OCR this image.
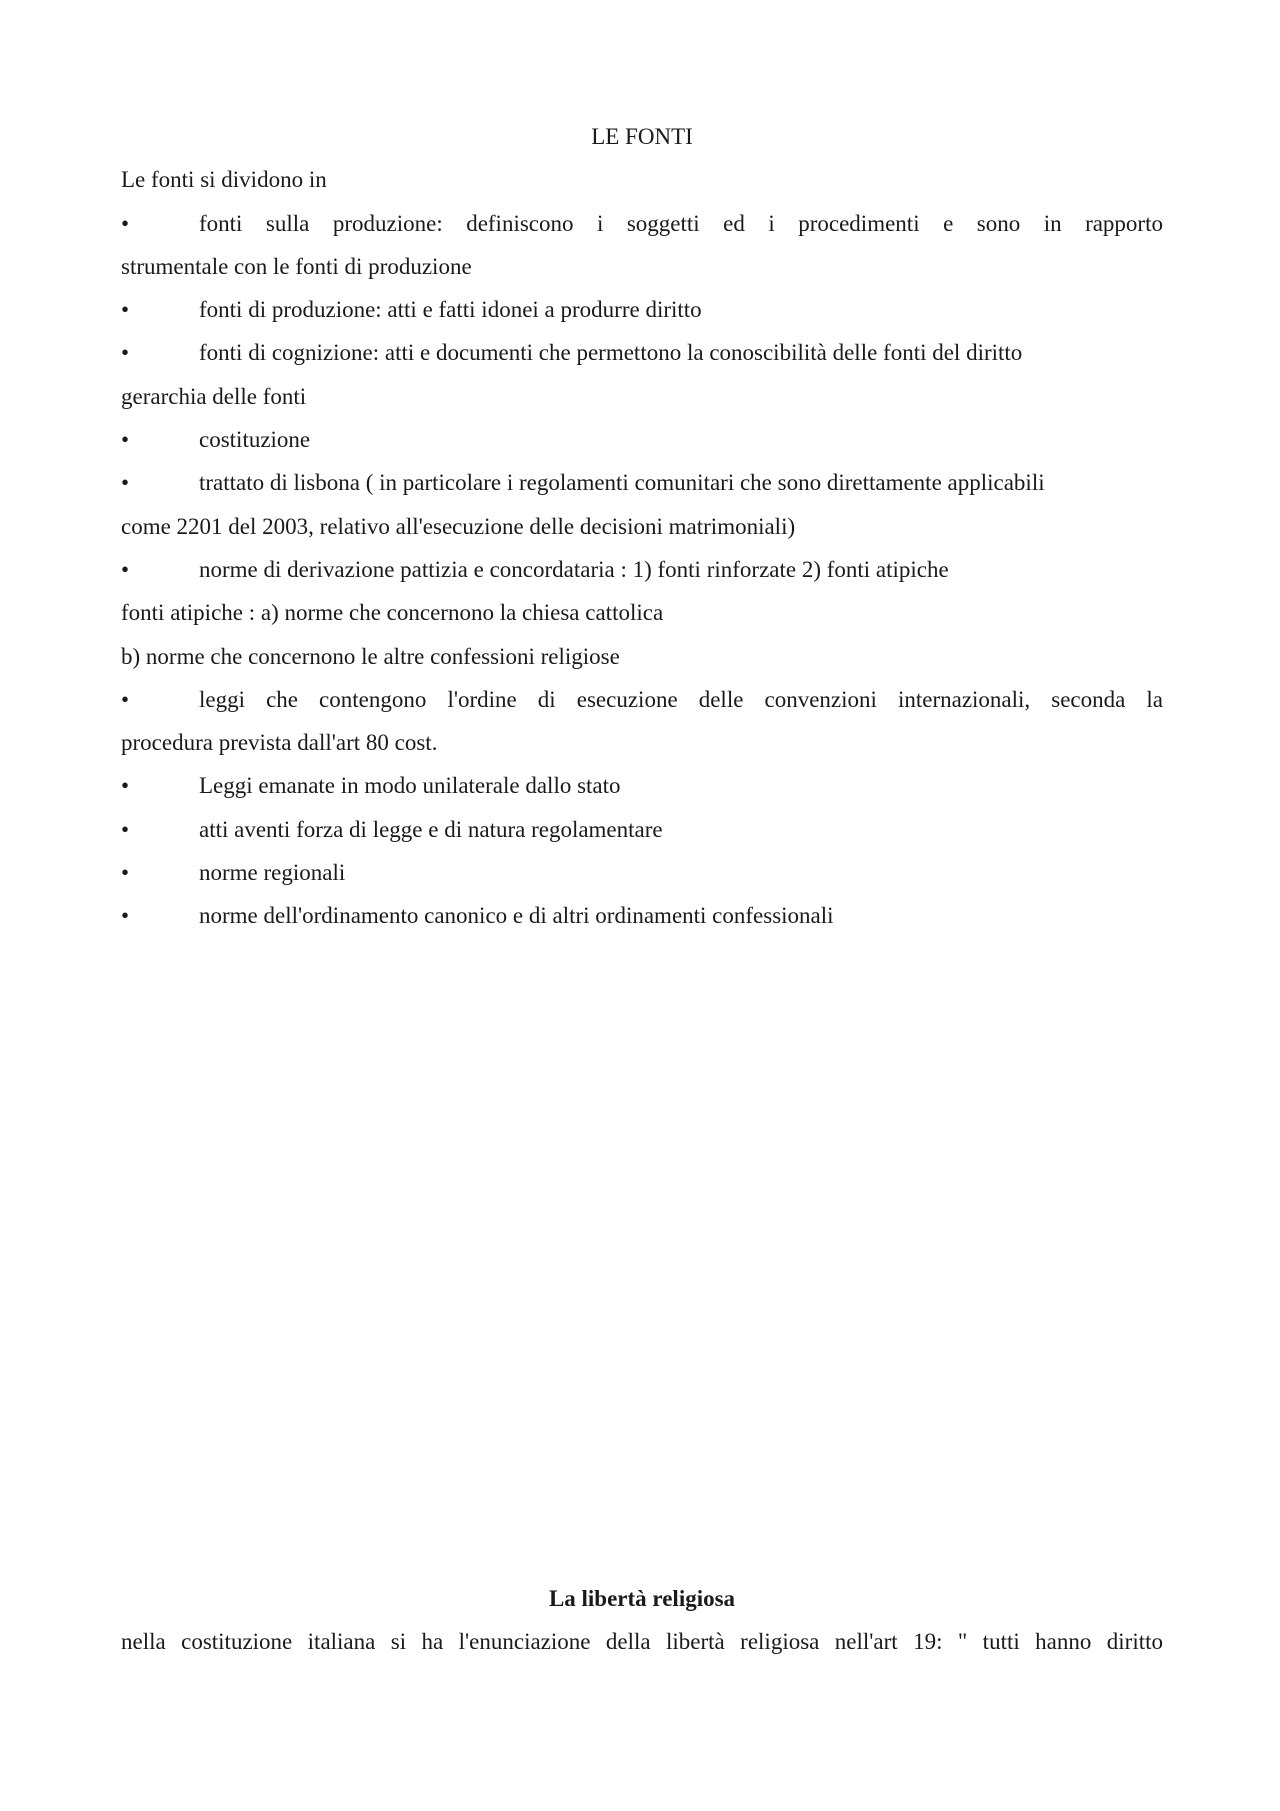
LE FONTI

Le fonti si dividono in

•	fonti sulla produzione: definiscono i soggetti ed i procedimenti e sono in rapporto

strumentale con le fonti di produzione

•	fonti di produzione: atti e fatti idonei a produrre diritto

•	fonti di cognizione: atti e documenti che permettono la conoscibilità delle fonti del diritto

gerarchia delle fonti

•	costituzione

•	trattato di lisbona ( in particolare i regolamenti comunitari che sono direttamente applicabili

come 2201 del 2003, relativo all'esecuzione delle decisioni matrimoniali)

•	norme di derivazione pattizia e concordataria : 1) fonti rinforzate 2) fonti atipiche

fonti atipiche : a) norme che concernono la chiesa cattolica

b) norme che concernono le altre confessioni religiose

•	leggi che contengono l'ordine di esecuzione delle convenzioni internazionali, seconda la

procedura prevista dall'art 80 cost.

•	Leggi emanate in modo unilaterale dallo stato

•	atti aventi forza di legge e di natura regolamentare

•	norme regionali

•	norme dell'ordinamento canonico e di altri ordinamenti confessionali

La libertà religiosa

nella costituzione italiana si ha l'enunciazione della libertà religiosa nell'art 19: " tutti hanno diritto
